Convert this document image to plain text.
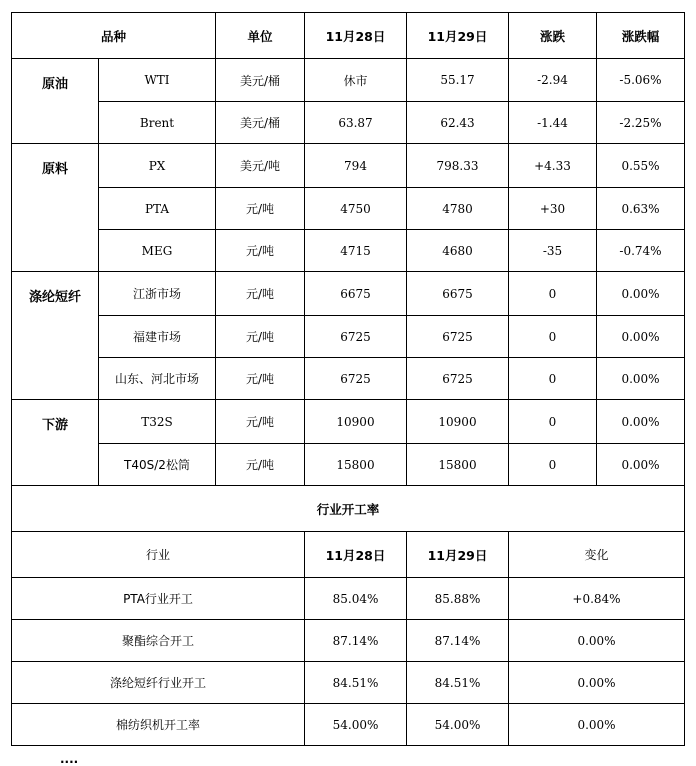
品种		单位	11月28日	11月29日	涨跌	涨跌幅
原油	WTI	美元/桶	休市	55.17	-2.94	-5.06%
	Brent	美元/桶	63.87	62.43	-1.44	-2.25%
原料	PX	美元/吨	794	798.33	+4.33	0.55%
	PTA	元/吨	4750	4780	+30	0.63%
	MEG	元/吨	4715	4680	-35	-0.74%
涤纶短纤	江浙市场	元/吨	6675	6675	0	0.00%
	福建市场	元/吨	6725	6725	0	0.00%
	山东、河北市场	元/吨	6725	6725	0	0.00%
下游	T32S	元/吨	10900	10900	0	0.00%
	T40S/2松筒	元/吨	15800	15800	0	0.00%
行业开工率						
行业			11月28日	11月29日	变化	
PTA行业开工			85.04%	85.88%	+0.84%	
聚酯综合开工			87.14%	87.14%	0.00%	
涤纶短纤行业开工			84.51%	84.51%	0.00%	
棉纺织机开工率			54.00%	54.00%	0.00%	
....
